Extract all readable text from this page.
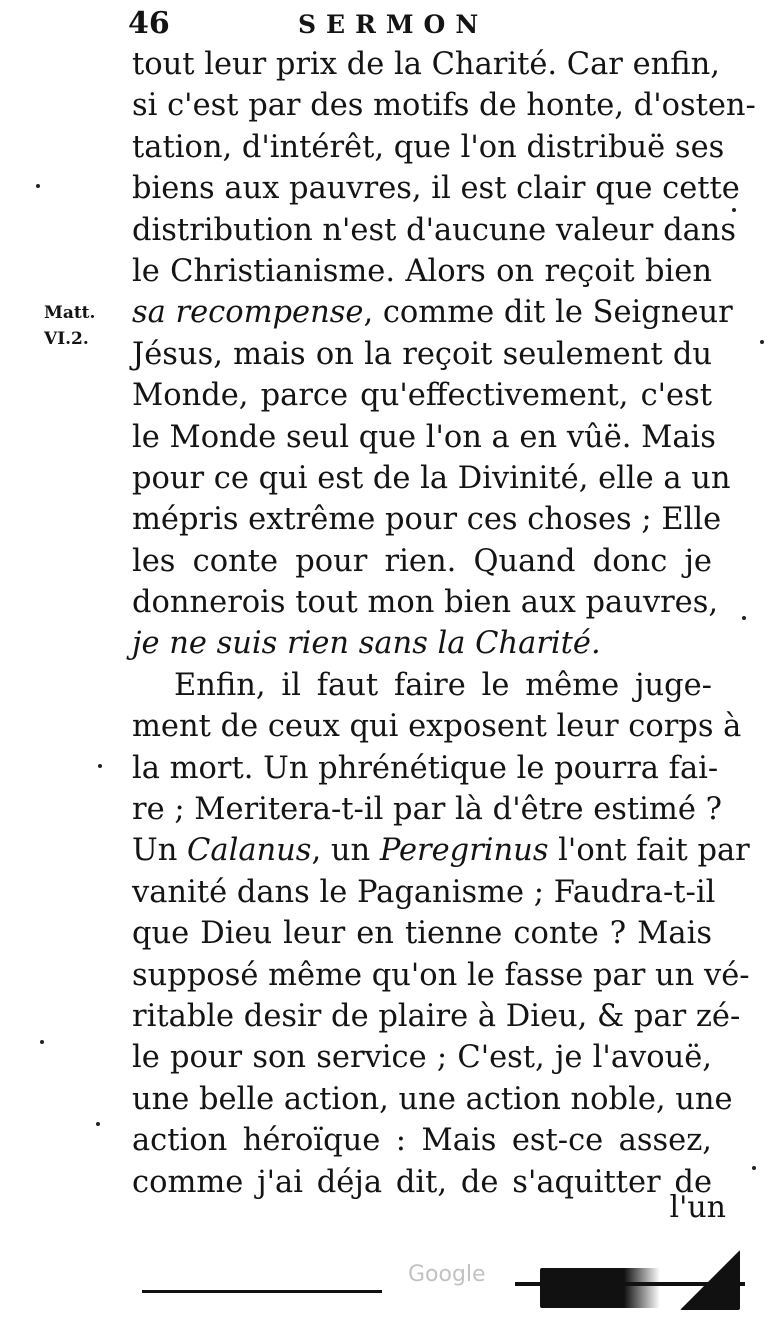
46	SERMON
Matt.
VI.2.
tout leur prix de la Charité. Car enfin,
si c'est par des motifs de honte, d'osten-
tation, d'intérêt, que l'on distribuë ses
biens aux pauvres, il est clair que cette
distribution n'est d'aucune valeur dans
le Christianisme. Alors on reçoit bien
sa recompense, comme dit le Seigneur
Jésus, mais on la reçoit seulement du
Monde, parce qu'effectivement, c'est
le Monde seul que l'on a en vûë. Mais
pour ce qui est de la Divinité, elle a un
mépris extrême pour ces choses ; Elle
les conte pour rien. Quand donc je
donnerois tout mon bien aux pauvres,
je ne suis rien sans la Charité.
Enfin, il faut faire le même juge-
ment de ceux qui exposent leur corps à
la mort. Un phrénétique le pourra fai-
re ; Meritera-t-il par là d'être estimé ?
Un Calanus, un Peregrinus l'ont fait par
vanité dans le Paganisme ; Faudra-t-il
que Dieu leur en tienne conte ? Mais
supposé même qu'on le fasse par un vé-
ritable desir de plaire à Dieu, & par zé-
le pour son service ; C'est, je l'avouë,
une belle action, une action noble, une
action héroïque : Mais est-ce assez,
comme j'ai déja dit, de s'aquitter de
l'un
Google
